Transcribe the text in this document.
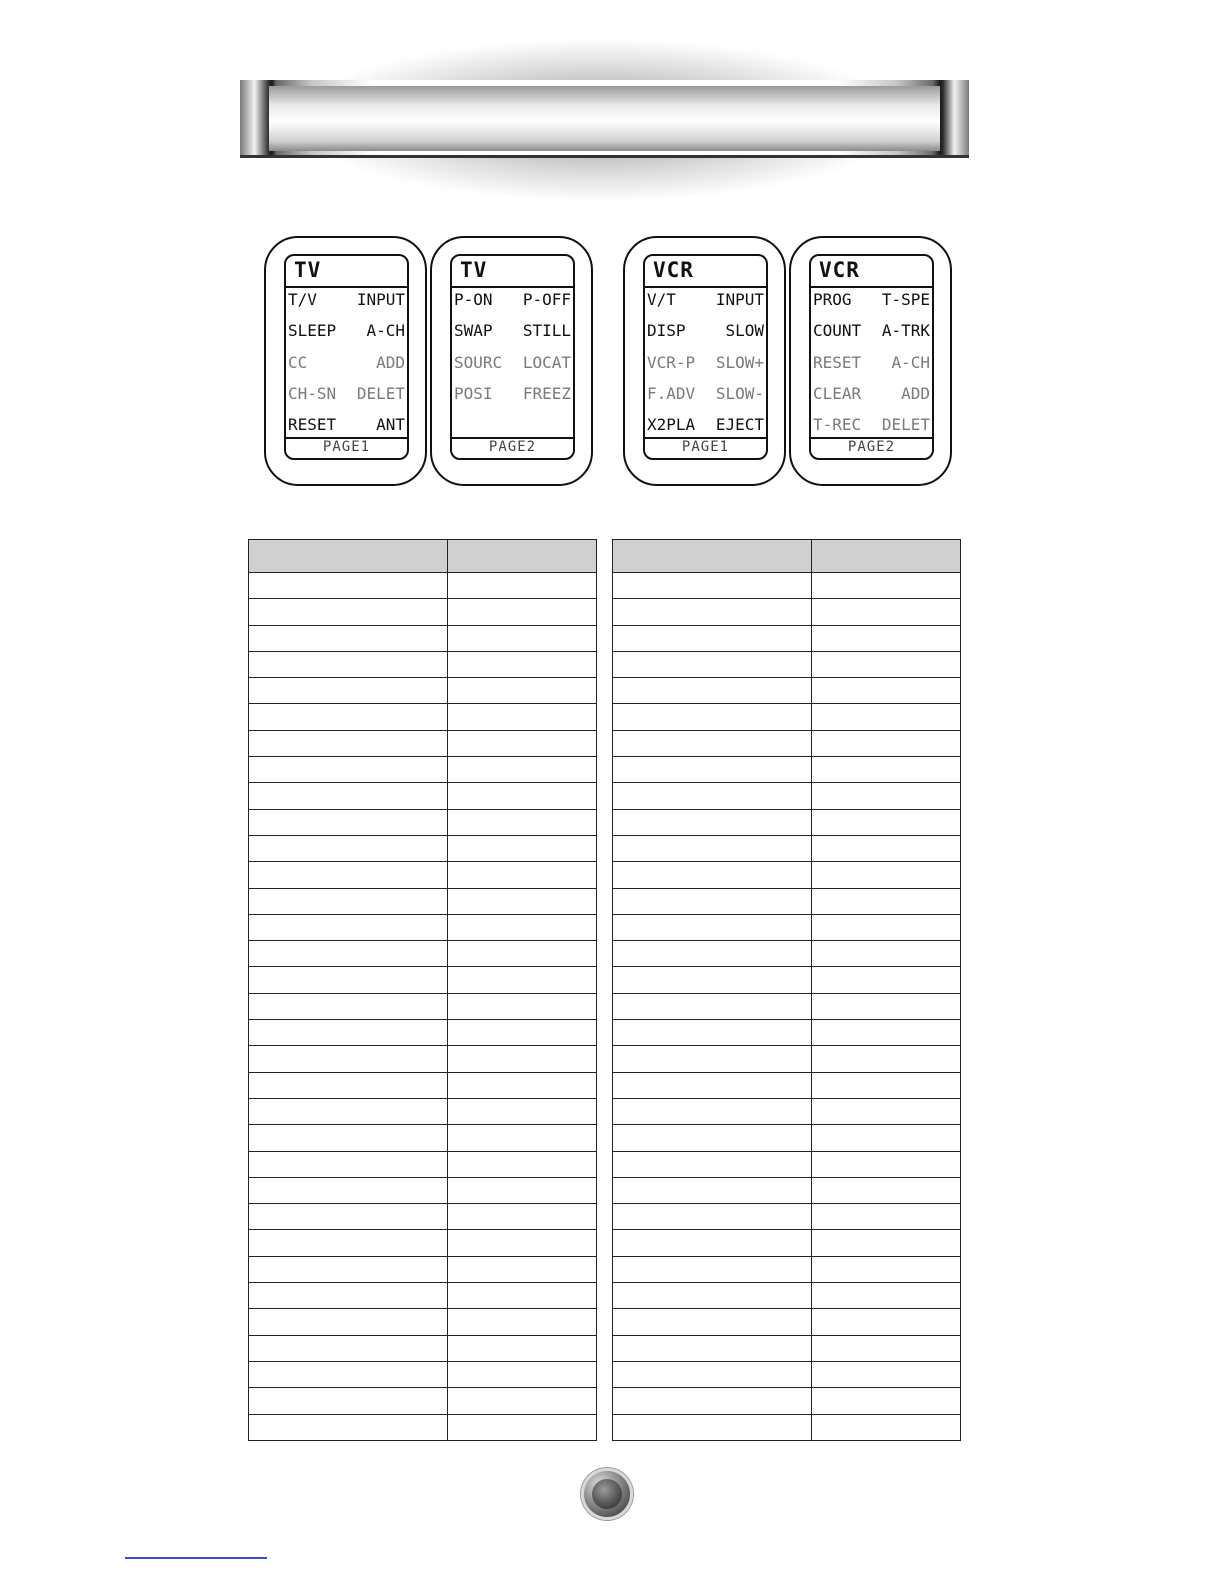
TV
T/V INPUT
SLEEP A-CH
CC	ADD
CH-SN DELET
RESET ANT
PAGE1
TV
P-ON P-OFF
SWAP STILL
SOURC LOCAT
POSI FREEZ
PAGE2
VCR
V/T INPUT
DISP SLOW
VCR-P SLOW+
F.ADV SLOW-
X2PLA EJECT
PAGE1
VCR
PROG T-SPE
COUNT A-TRK
RESET A-CH
CLEAR ADD
T-REC DELET
PAGE2
